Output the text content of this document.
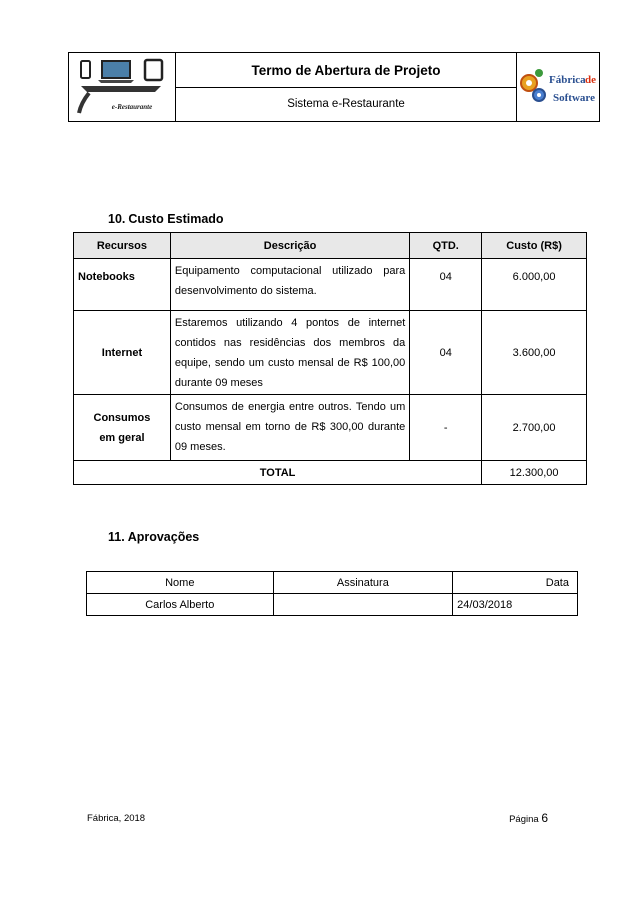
e-Restaurante
Termo de Abertura de Projeto
Sistema e-Restaurante
Fábrica de
Software
10. Custo Estimado
Recursos	Descrição	QTD.	Custo (R$)
Notebooks	Equipamento computacional utilizado para desenvolvimento do sistema.	04	6.000,00
Internet	Estaremos utilizando 4 pontos de internet contidos nas residências dos membros da equipe, sendo um custo mensal de R$ 100,00 durante 09 meses	04	3.600,00
Consumos
em geral	Consumos de energia entre outros. Tendo um custo mensal em torno de R$ 300,00 durante 09 meses.	-	2.700,00
TOTAL			12.300,00
11. Aprovações
Nome	Assinatura	Data
Carlos Alberto		24/03/2018
Fábrica, 2018	Página 6
